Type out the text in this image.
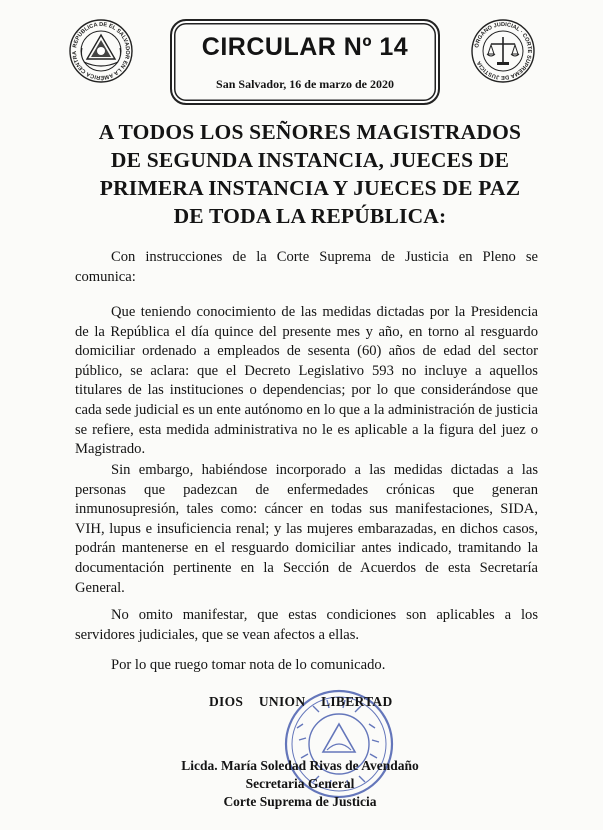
REPÚBLICA DE EL SALVADOR EN LA AMÉRICA CENTRA	CIRCULAR Nº 14
San Salvador, 16 de marzo de 2020
ÓRGANO JUDICIAL · CORTE SUPREMA DE JUSTICIA
A TODOS LOS SEÑORES MAGISTRADOS
DE SEGUNDA INSTANCIA, JUECES DE
PRIMERA INSTANCIA Y JUECES DE PAZ
DE TODA LA REPÚBLICA:

Con instrucciones de la Corte Suprema de Justicia en Pleno se comunica:

Que teniendo conocimiento de las medidas dictadas por la Presidencia de la República el día quince del presente mes y año, en torno al resguardo domiciliar ordenado a empleados de sesenta (60) años de edad del sector público, se aclara: que el Decreto Legislativo 593 no incluye a aquellos titulares de las instituciones o dependencias; por lo que considerándose que cada sede judicial es un ente autónomo en lo que a la administración de justicia se refiere, esta medida administrativa no le es aplicable a la figura del juez o Magistrado.

Sin embargo, habiéndose incorporado a las medidas dictadas a las personas que padezcan de enfermedades crónicas que generan inmunosupresión, tales como: cáncer en todas sus manifestaciones, SIDA, VIH, lupus e insuficiencia renal; y las mujeres embarazadas, en dichos casos, podrán mantenerse en el resguardo domiciliar antes indicado, tramitando la documentación pertinente en la Sección de Acuerdos de esta Secretaría General.

No omito manifestar, que estas condiciones son aplicables a los servidores judiciales, que se vean afectos a ellas.

Por lo que ruego tomar nota de lo comunicado.

DIOS UNION LIBERTAD
Licda. María Soledad Rivas de Avendaño
Secretaria General
Corte Suprema de Justicia
